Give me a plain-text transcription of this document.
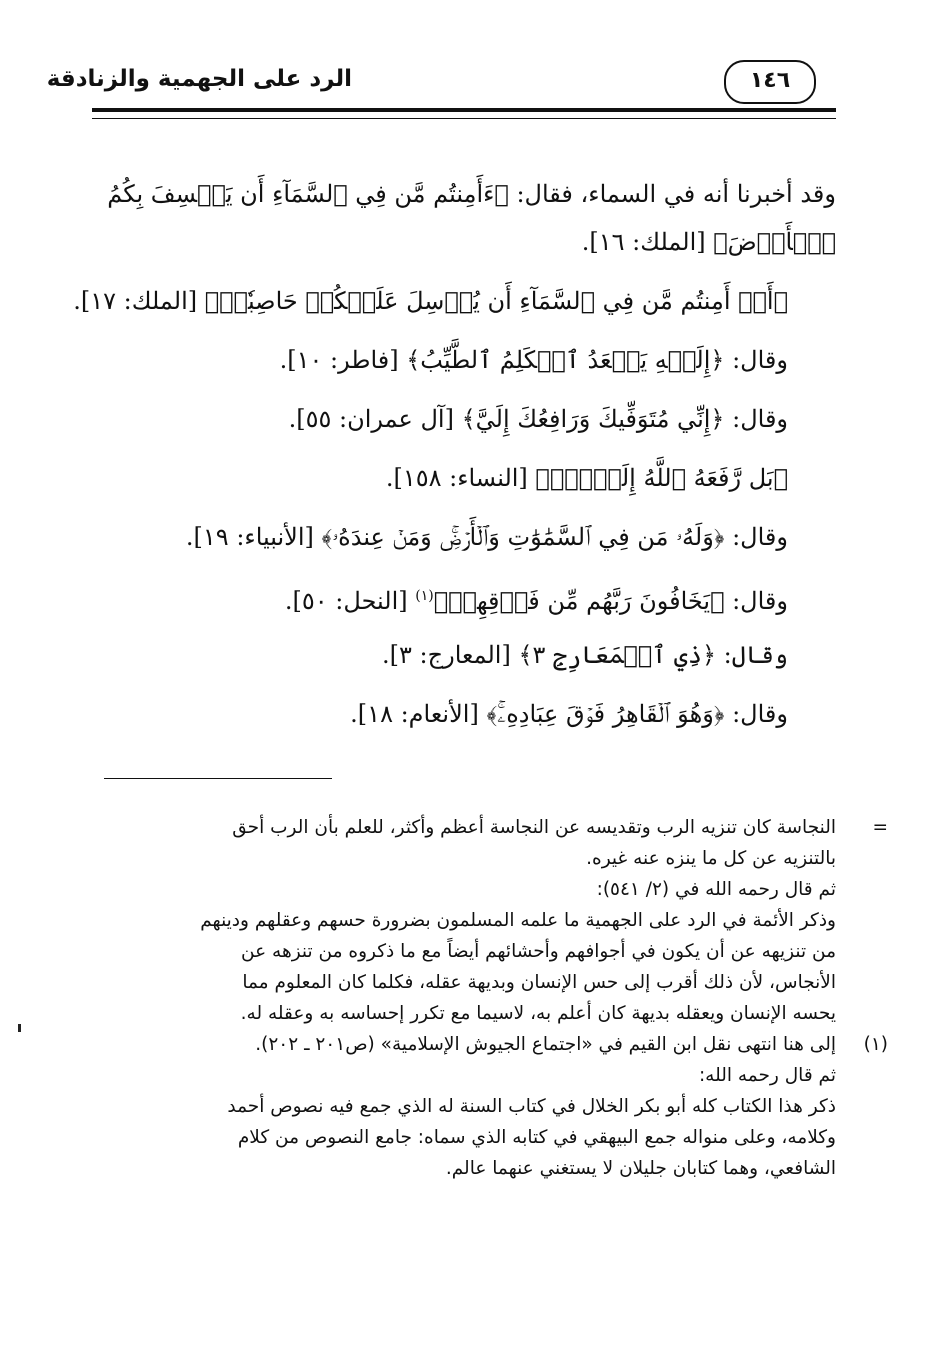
الرد على الجهمية والزنادقة	١٤٦
وقد أخبرنا أنه في السماء، فقال: ﴿ءَأَمِنتُم مَّن فِي ٱلسَّمَآءِ أَن يَخۡسِفَ بِكُمُ
ٱلۡأَرۡضَ﴾ [الملك: ١٦].
﴿أَمۡ أَمِنتُم مَّن فِي ٱلسَّمَآءِ أَن يُرۡسِلَ عَلَيۡكُمۡ حَاصِبٗاۖ﴾ [الملك: ١٧].
وقال: ﴿إِلَيۡهِ يَصۡعَدُ ٱلۡكَلِمُ ٱلطَّيِّبُ﴾ [فاطر: ١٠].
وقال: ﴿إِنِّي مُتَوَفِّيكَ وَرَافِعُكَ إِلَيَّ﴾ [آل عمران: ٥٥].
﴿بَل رَّفَعَهُ ٱللَّهُ إِلَيۡهِۚ﴾ [النساء: ١٥٨].
وقال: ﴿وَلَهُۥ مَن فِي ٱلسَّمَٰوَٰتِ وَٱلۡأَرۡضِۚ وَمَنۡ عِندَهُۥ﴾ [الأنبياء: ١٩].
وقال: ﴿يَخَافُونَ رَبَّهُم مِّن فَوۡقِهِمۡ﴾$^{(١)}$ [النحل: ٥٠].
وقال: ﴿ذِي ٱلۡمَعَارِجِ ٣﴾ [المعارج: ٣].
وقال: ﴿وَهُوَ ٱلۡقَاهِرُ فَوۡقَ عِبَادِهِۦۚ﴾ [الأنعام: ١٨].
=
النجاسة كان تنزيه الرب وتقديسه عن النجاسة أعظم وأكثر، للعلم بأن الرب أحق
بالتنزيه عن كل ما ينزه عنه غيره.
ثم قال رحمه الله في (٢/ ٥٤١):
وذكر الأئمة في الرد على الجهمية ما علمه المسلمون بضرورة حسهم وعقلهم ودينهم
من تنزيهه عن أن يكون في أجوافهم وأحشائهم أيضاً مع ما ذكروه من تنزهه عن
الأنجاس، لأن ذلك أقرب إلى حس الإنسان وبديهة عقله، فكلما كان المعلوم مما
يحسه الإنسان ويعقله بديهة كان أعلم به، لاسيما مع تكرر إحساسه به وعقله له.
(١)
إلى هنا انتهى نقل ابن القيم في «اجتماع الجيوش الإسلامية» (ص٢٠١ ـ ٢٠٢).
ثم قال رحمه الله:
ذكر هذا الكتاب كله أبو بكر الخلال في كتاب السنة له الذي جمع فيه نصوص أحمد
وكلامه، وعلى منواله جمع البيهقي في كتابه الذي سماه: جامع النصوص من كلام
الشافعي، وهما كتابان جليلان لا يستغني عنهما عالم.
